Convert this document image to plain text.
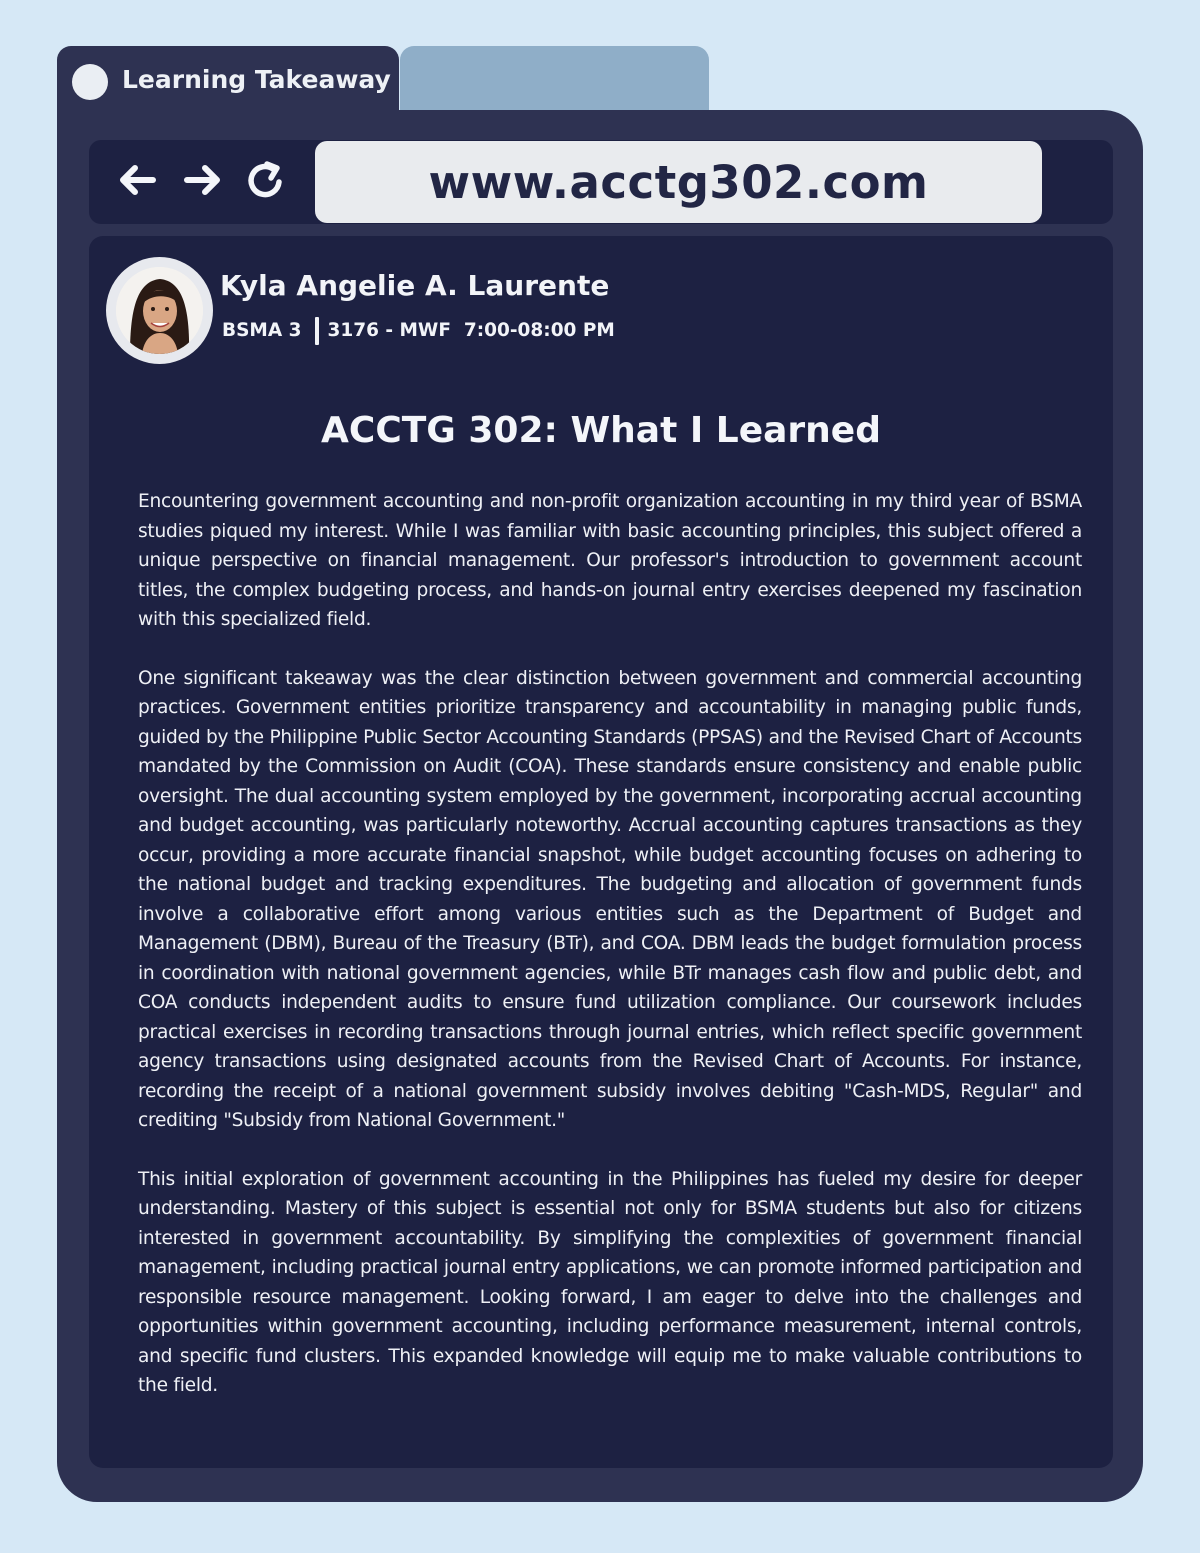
Learning Takeaway
www.acctg302.com
Kyla Angelie A. Laurente
BSMA 3 3176 - MWF  7:00-08:00 PM
ACCTG 302: What I Learned

Encountering government accounting and non-profit organization accounting in my third year of BSMA studies piqued my interest. While I was familiar with basic accounting principles, this subject offered a unique perspective on financial management. Our professor's introduction to government account titles, the complex budgeting process, and hands-on journal entry exercises deepened my fascination with this specialized field.

One significant takeaway was the clear distinction between government and commercial accounting practices. Government entities prioritize transparency and accountability in managing public funds, guided by the Philippine Public Sector Accounting Standards (PPSAS) and the Revised Chart of Accounts mandated by the Commission on Audit (COA). These standards ensure consistency and enable public oversight. The dual accounting system employed by the government, incorporating accrual accounting and budget accounting, was particularly noteworthy. Accrual accounting captures transactions as they occur, providing a more accurate financial snapshot, while budget accounting focuses on adhering to the national budget and tracking expenditures. The budgeting and allocation of government funds involve a collaborative effort among various entities such as the Department of Budget and Management (DBM), Bureau of the Treasury (BTr), and COA. DBM leads the budget formulation process in coordination with national government agencies, while BTr manages cash flow and public debt, and COA conducts independent audits to ensure fund utilization compliance. Our coursework includes practical exercises in recording transactions through journal entries, which reflect specific government agency transactions using designated accounts from the Revised Chart of Accounts. For instance, recording the receipt of a national government subsidy involves debiting "Cash-MDS, Regular" and crediting "Subsidy from National Government."

This initial exploration of government accounting in the Philippines has fueled my desire for deeper understanding. Mastery of this subject is essential not only for BSMA students but also for citizens interested in government accountability. By simplifying the complexities of government financial management, including practical journal entry applications, we can promote informed participation and responsible resource management. Looking forward, I am eager to delve into the challenges and opportunities within government accounting, including performance measurement, internal controls, and specific fund clusters. This expanded knowledge will equip me to make valuable contributions to the field.
